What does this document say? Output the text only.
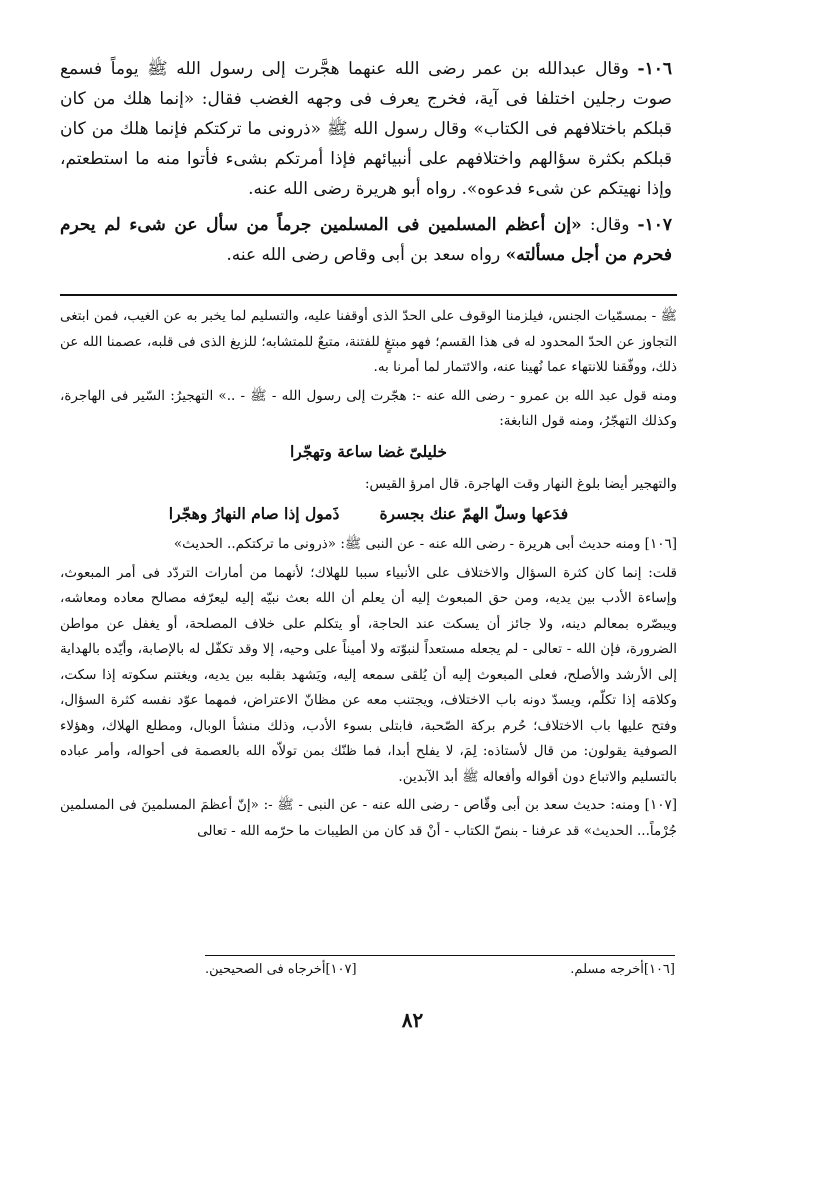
١٠٦- وقال عبدالله بن عمر رضى الله عنهما هجَّرت إلى رسول الله ﷺ يوماً فسمع صوت رجلين اختلفا فى آية، فخرج يعرف فى وجهه الغضب فقال: «إنما هلك من كان قبلكم باختلافهم فى الكتاب» وقال رسول الله ﷺ «ذرونى ما تركتكم فإنما هلك من كان قبلكم بكثرة سؤالهم واختلافهم على أنبيائهم فإذا أمرتكم بشىء فأتوا منه ما استطعتم، وإذا نهيتكم عن شىء فدعوه». رواه أبو هريرة رضى الله عنه.

١٠٧- وقال: «إن أعظم المسلمين فى المسلمين جرماً من سأل عن شىء لم يحرم فحرم من أجل مسألته» رواه سعد بن أبى وقاص رضى الله عنه.

ﷺ - بمسمّيات الجنس، فيلزمنا الوقوف على الحدّ الذى أوقفنا عليه، والتسليم لما يخبر به عن الغيب، فمن ابتغى التجاوز عن الحدّ المحدود له فى هذا القسم؛ فهو مبتغٍ للفتنة، متبعٌ للمتشابه؛ للزيغ الذى فى قلبه، عصمنا الله عن ذلك، ووفّقنا للانتهاء عما نُهينا عنه، والائتمار لما أمرنا به.

ومنه قول عبد الله بن عمرو - رضى الله عنه -: هجّرت إلى رسول الله - ﷺ - ..» التهجيرُ: السّير فى الهاجرة، وكذلك التهجّرُ، ومنه قول النابغة:

خليلىّ غضا ساعة وتهجّرا

والتهجير أيضا بلوغ النهار وقت الهاجرة. قال امرؤ القيس:

فدَعها وسلّ الهمّ عنك بجسرة
ذَمول إذا صام النهارُ وهجّرا

[١٠٦] ومنه حديث أبى هريرة - رضى الله عنه - عن النبى ﷺ: «ذرونى ما تركتكم.. الحديث»

قلت: إنما كان كثرة السؤال والاختلاف على الأنبياء سببا للهلاك؛ لأنهما من أمارات التردّد فى أمر المبعوث، وإساءة الأدب بين يديه، ومن حق المبعوث إليه أن يعلم أن الله بعث نبيّه إليه ليعرّفه مصالح معاده ومعاشه، ويبصّره بمعالم دينه، ولا جائز أن يسكت عند الحاجة، أو يتكلم على خلاف المصلحة، أو يغفل عن مواطن الضرورة، فإن الله - تعالى - لم يجعله مستعداً لنبوّته ولا أميناً على وحيه، إلا وقد تكفّل له بالإصابة، وأيّده بالهداية إلى الأرشد والأصلح، فعلى المبعوث إليه أن يُلقى سمعه إليه، ويَشهد بقلبه بين يديه، ويغتنم سكوته إذا سكت، وكلامَه إذا تكلّم، ويسدّ دونه باب الاختلاف، ويجتنب معه عن مظانّ الاعتراض، فمهما عوّد نفسه كثرة السؤال، وفتح عليها باب الاختلاف؛ حُرم بركة الصّحبة، فابتلى بسوء الأدب، وذلك منشأ الوبال، ومطلع الهلاك، وهؤلاء الصوفية يقولون: من قال لأستاذه: لِمَ، لا يفلح أبدا، فما ظنّك بمن تولاّه الله بالعصمة فى أحواله، وأمر عباده بالتسليم والاتباع دون أقواله وأفعاله ﷺ أبد الآبدين.

[١٠٧] ومنه: حديث سعد بن أبى وقّاص - رضى الله عنه - عن النبى - ﷺ -: «إنّ أعظمَ المسلمينَ فى المسلمين جُرْماً... الحديث» قد عرفنا - بنصّ الكتاب - أنْ قد كان من الطيبات ما حرّمه الله - تعالى

[١٠٦]أخرجه مسلم.
[١٠٧]أخرجاه فى الصحيحين.
٨٢
